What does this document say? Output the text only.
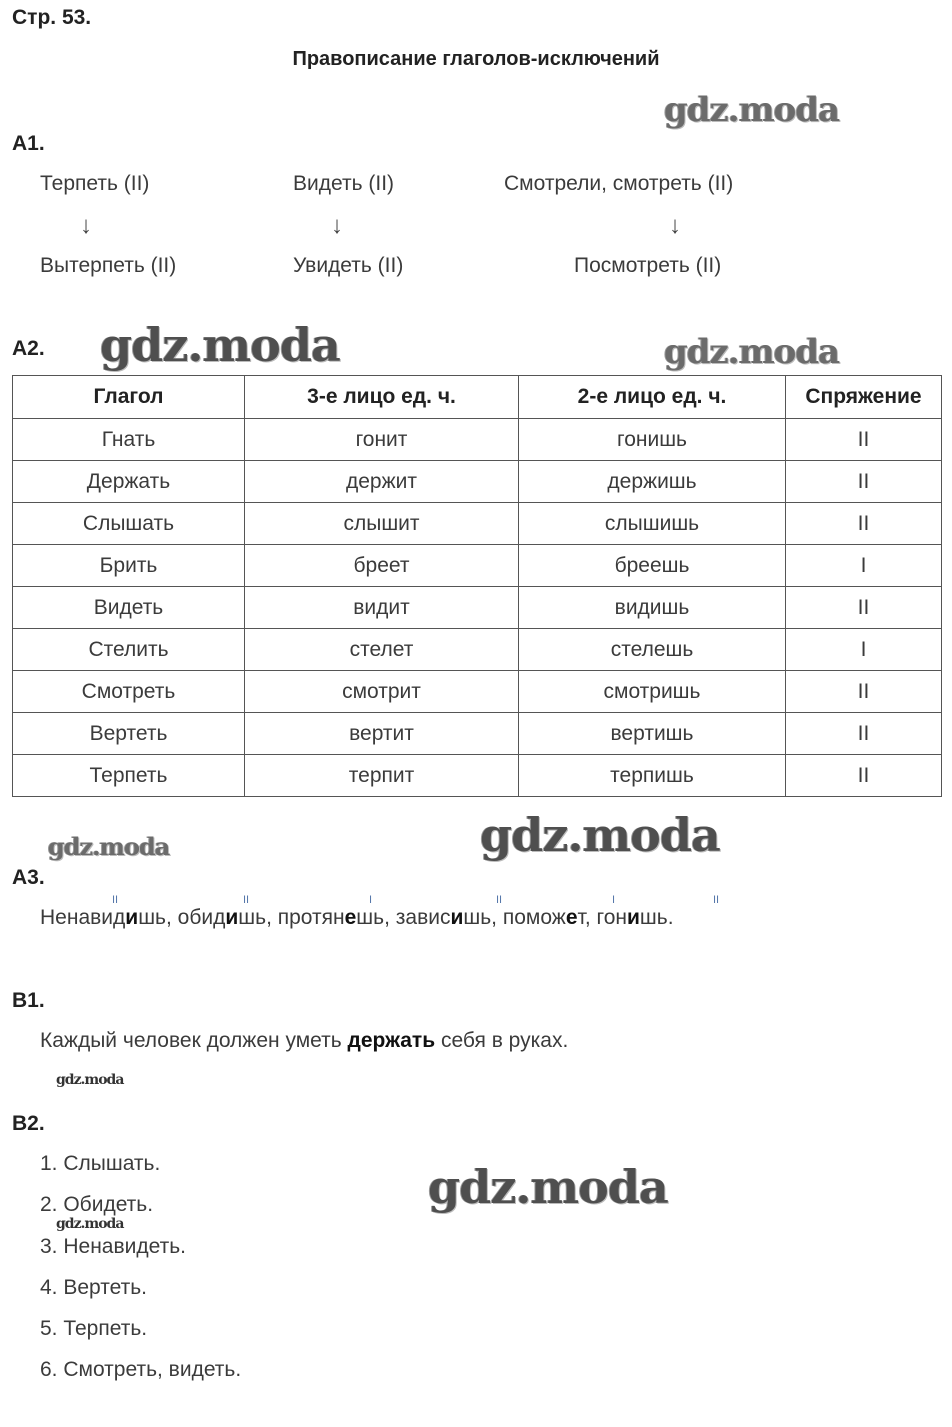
Стр. 53.
Правописание глаголов-исключений
gdz.moda
gdz.moda	gdz.moda
gdz.moda	gdz.moda
gdz.moda
gdz.moda
gdz.moda
А1.
Терпеть (II)	Видеть (II)	Смотрели, смотреть (II)
↓	↓	↓
Вытерпеть (II)	Увидеть (II)	Посмотреть (II)
А2.
Глагол	3-е лицо ед. ч.	2-е лицо ед. ч.	Спряжение
Гнать	гонит	гонишь	II
Держать	держит	держишь	II
Слышать	слышит	слышишь	II
Брить	бреет	бреешь	I
Видеть	видит	видишь	II
Стелить	стелет	стелешь	I
Смотреть	смотрит	смотришь	II
Вертеть	вертит	вертишь	II
Терпеть	терпит	терпишь	II
А3.
II	II	I	II	I	II
Ненавидишь, обидишь, протянешь, зависишь, поможет, гонишь.
В1.
Каждый человек должен уметь держать себя в руках.
В2.
1. Слышать.
2. Обидеть.
3. Ненавидеть.
4. Вертеть.
5. Терпеть.
6. Смотреть, видеть.
